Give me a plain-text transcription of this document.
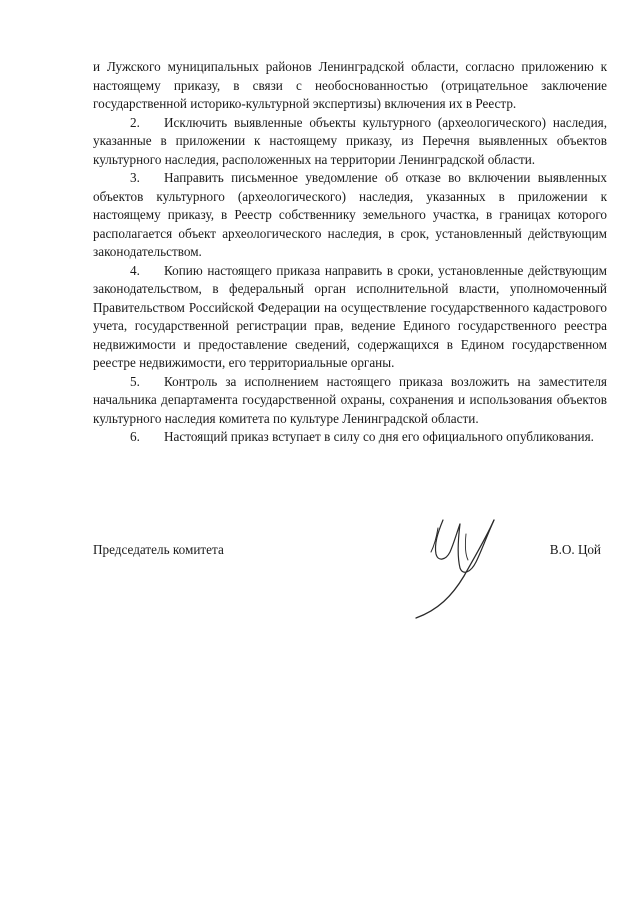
и Лужского муниципальных районов Ленинградской области, согласно приложению к настоящему приказу, в связи с необоснованностью (отрицательное заключение государственной историко-культурной экспертизы) включения их в Реестр.

2. Исключить выявленные объекты культурного (археологического) наследия, указанные в приложении к настоящему приказу, из Перечня выявленных объектов культурного наследия, расположенных на территории Ленинградской области.

3. Направить письменное уведомление об отказе во включении выявленных объектов культурного (археологического) наследия, указанных в приложении к настоящему приказу, в Реестр собственнику земельного участка, в границах которого располагается объект археологического наследия, в срок, установленный действующим законодательством.

4. Копию настоящего приказа направить в сроки, установленные действующим законодательством, в федеральный орган исполнительной власти, уполномоченный Правительством Российской Федерации на осуществление государственного кадастрового учета, государственной регистрации прав, ведение Единого государственного реестра недвижимости и предоставление сведений, содержащихся в Едином государственном реестре недвижимости, его территориальные органы.

5. Контроль за исполнением настоящего приказа возложить на заместителя начальника департамента государственной охраны, сохранения и использования объектов культурного наследия комитета по культуре Ленинградской области.

6. Настоящий приказ вступает в силу со дня его официального опубликования.

Председатель комитета	В.О. Цой
